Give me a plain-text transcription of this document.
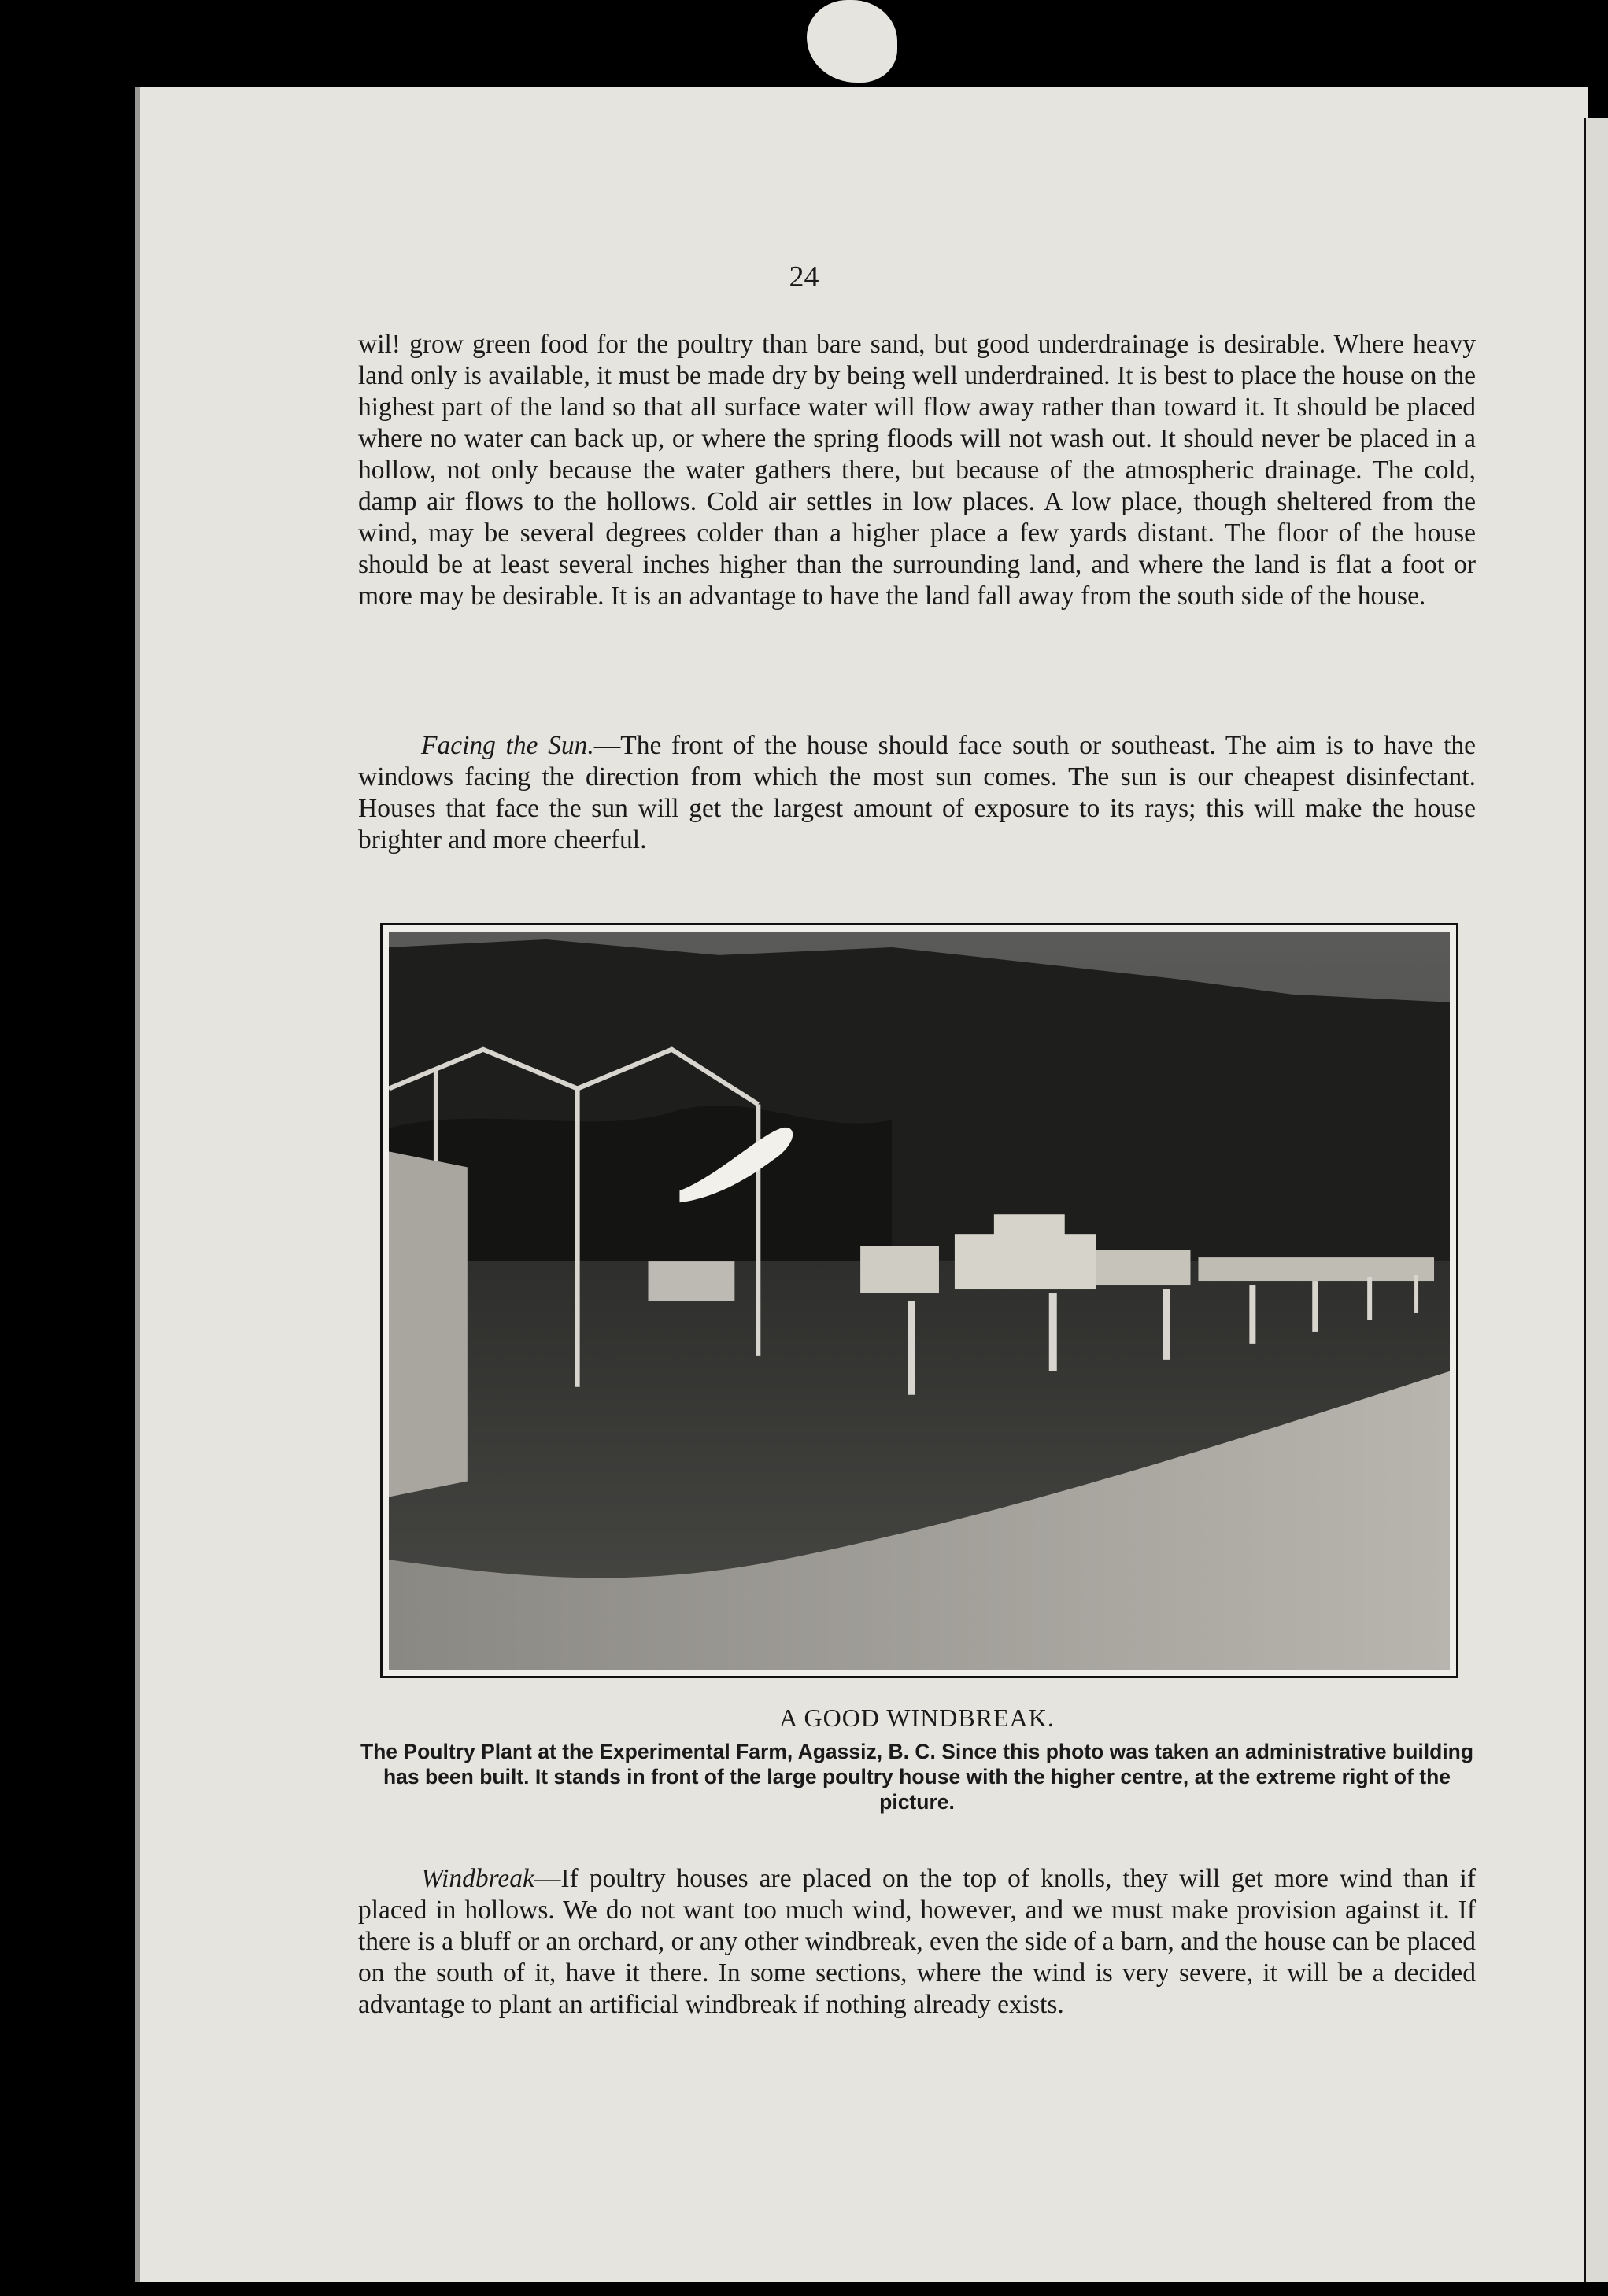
24

wil! grow green food for the poultry than bare sand, but good underdrainage is desirable. Where heavy land only is available, it must be made dry by being well underdrained. It is best to place the house on the highest part of the land so that all surface water will flow away rather than toward it. It should be placed where no water can back up, or where the spring floods will not wash out. It should never be placed in a hollow, not only because the water gathers there, but because of the atmospheric drainage. The cold, damp air flows to the hollows. Cold air settles in low places. A low place, though sheltered from the wind, may be several degrees colder than a higher place a few yards distant. The floor of the house should be at least several inches higher than the surrounding land, and where the land is flat a foot or more may be desirable. It is an advantage to have the land fall away from the south side of the house.

Facing the Sun.—The front of the house should face south or southeast. The aim is to have the windows facing the direction from which the most sun comes. The sun is our cheapest disinfectant. Houses that face the sun will get the largest amount of exposure to its rays; this will make the house brighter and more cheerful.

A GOOD WINDBREAK.
The Poultry Plant at the Experimental Farm, Agassiz, B. C. Since this photo was taken an administrative building has been built. It stands in front of the large poultry house with the higher centre, at the extreme right of the picture.

Windbreak—If poultry houses are placed on the top of knolls, they will get more wind than if placed in hollows. We do not want too much wind, however, and we must make provision against it. If there is a bluff or an orchard, or any other windbreak, even the side of a barn, and the house can be placed on the south of it, have it there. In some sections, where the wind is very severe, it will be a decided advantage to plant an artificial windbreak if nothing already exists.
